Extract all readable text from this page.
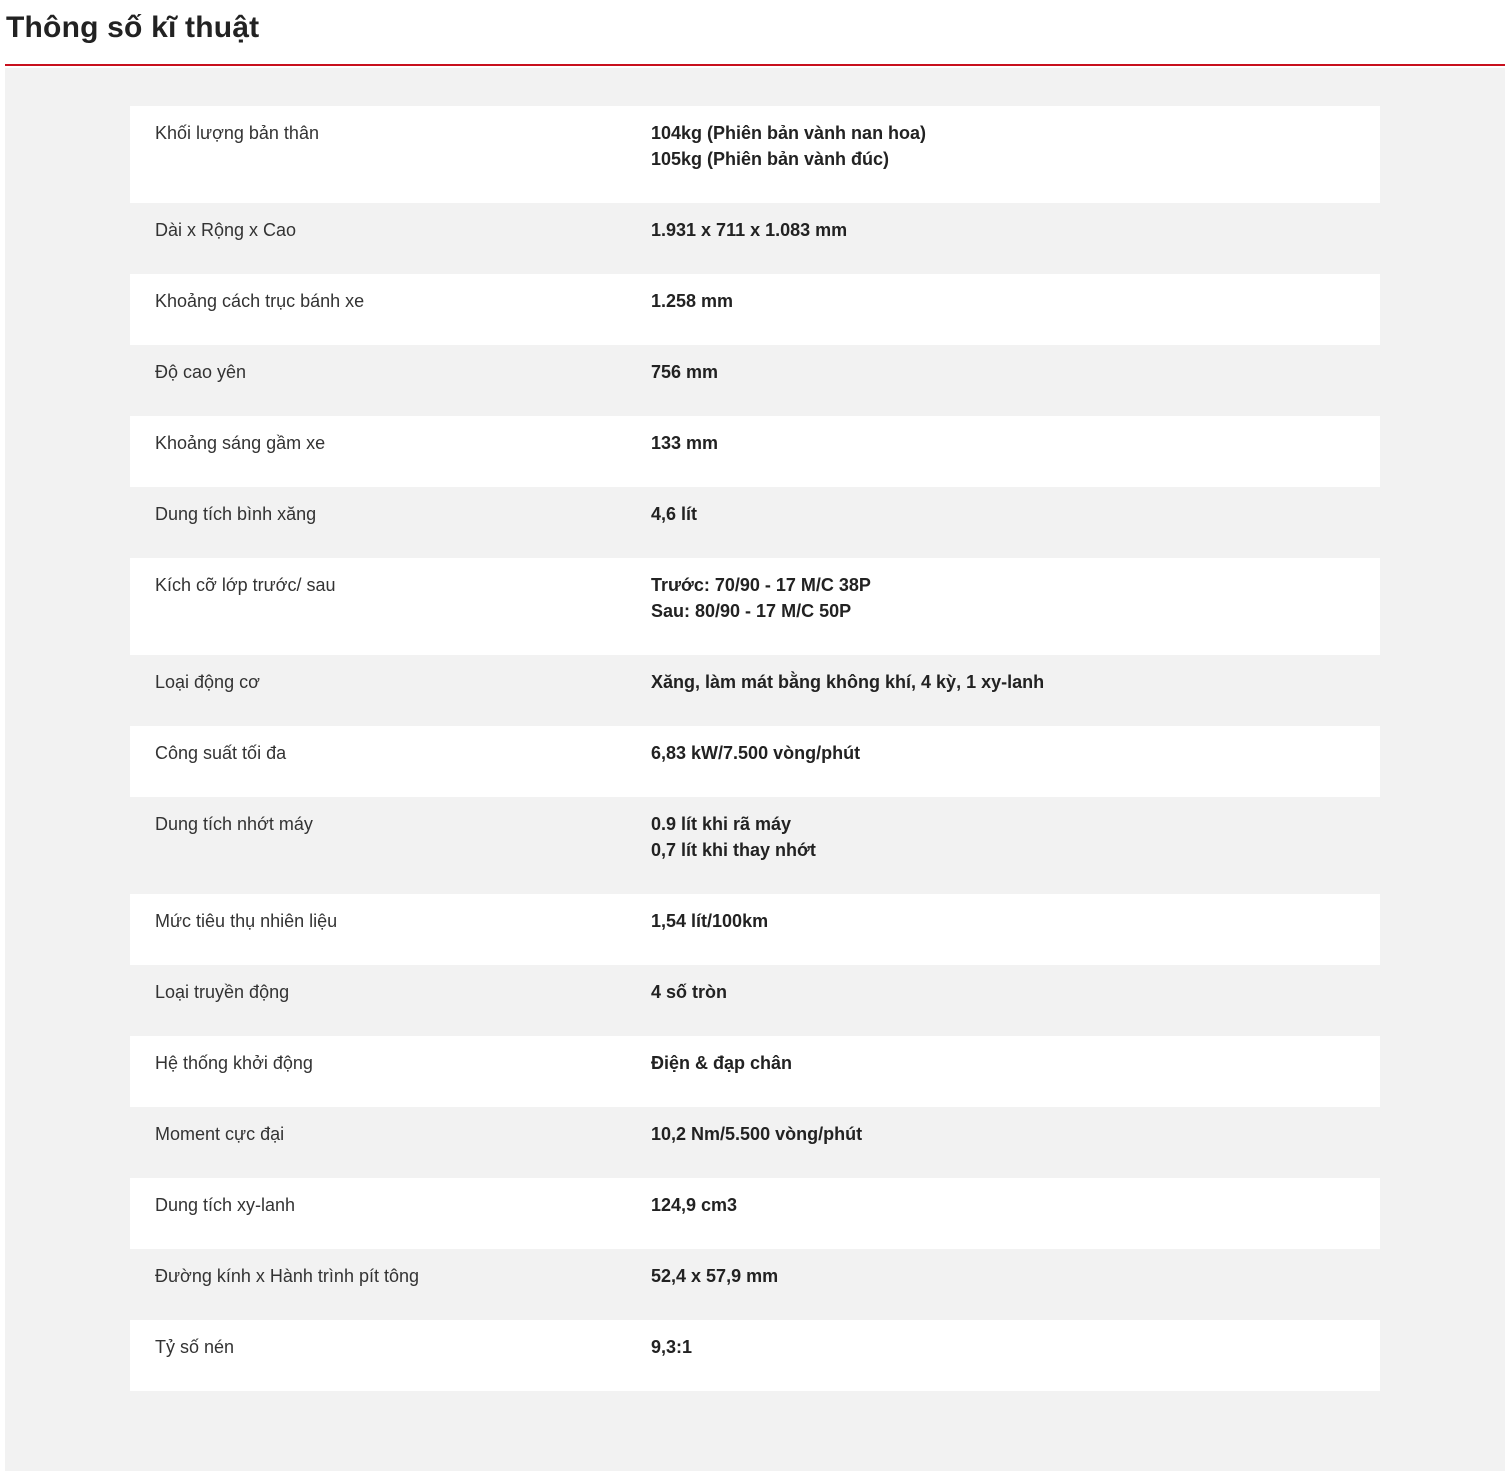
Thông số kĩ thuật
Khối lượng bản thân	104kg (Phiên bản vành nan hoa)
105kg (Phiên bản vành đúc)
Dài x Rộng x Cao	1.931 x 711 x 1.083 mm
Khoảng cách trục bánh xe	1.258 mm
Độ cao yên	756 mm
Khoảng sáng gầm xe	133 mm
Dung tích bình xăng	4,6 lít
Kích cỡ lớp trước/ sau	Trước: 70/90 - 17 M/C 38P
Sau: 80/90 - 17 M/C 50P
Loại động cơ	Xăng, làm mát bằng không khí, 4 kỳ, 1 xy-lanh
Công suất tối đa	6,83 kW/7.500 vòng/phút
Dung tích nhớt máy	0.9 lít khi rã máy
0,7 lít khi thay nhớt
Mức tiêu thụ nhiên liệu	1,54 lít/100km
Loại truyền động	4 số tròn
Hệ thống khởi động	Điện & đạp chân
Moment cực đại	10,2 Nm/5.500 vòng/phút
Dung tích xy-lanh	124,9 cm3
Đường kính x Hành trình pít tông	52,4 x 57,9 mm
Tỷ số nén	9,3:1
